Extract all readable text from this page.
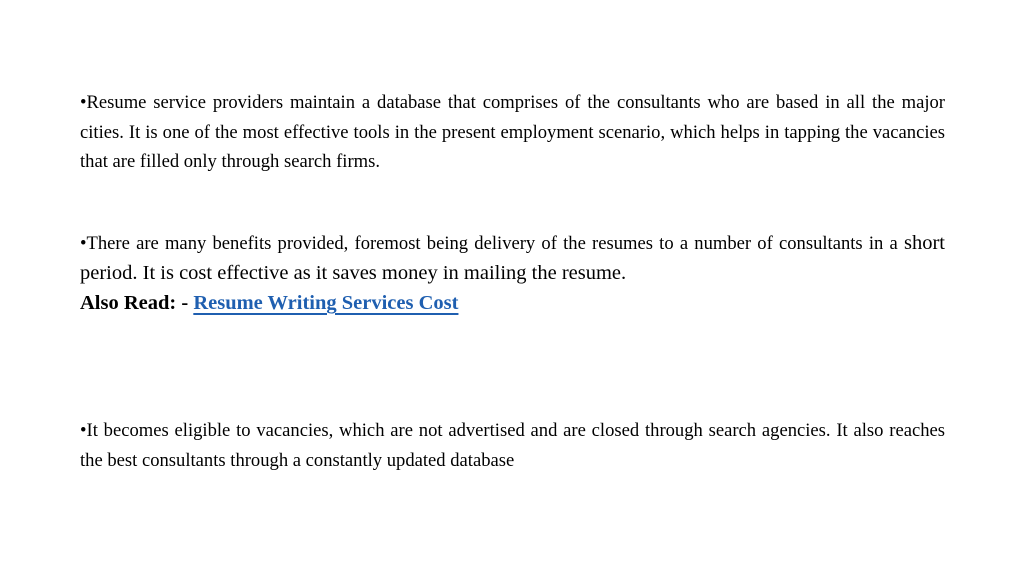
•Resume service providers maintain a database that comprises of the consultants who are based in all the major cities. It is one of the most effective tools in the present employment scenario, which helps in tapping the vacancies that are filled only through search firms.

•There are many benefits provided, foremost being delivery of the resumes to a number of consultants in a short period. It is cost effective as it saves money in mailing the resume.
Also Read: - Resume Writing Services Cost

•It becomes eligible to vacancies, which are not advertised and are closed through search agencies. It also reaches the best consultants through a constantly updated database
